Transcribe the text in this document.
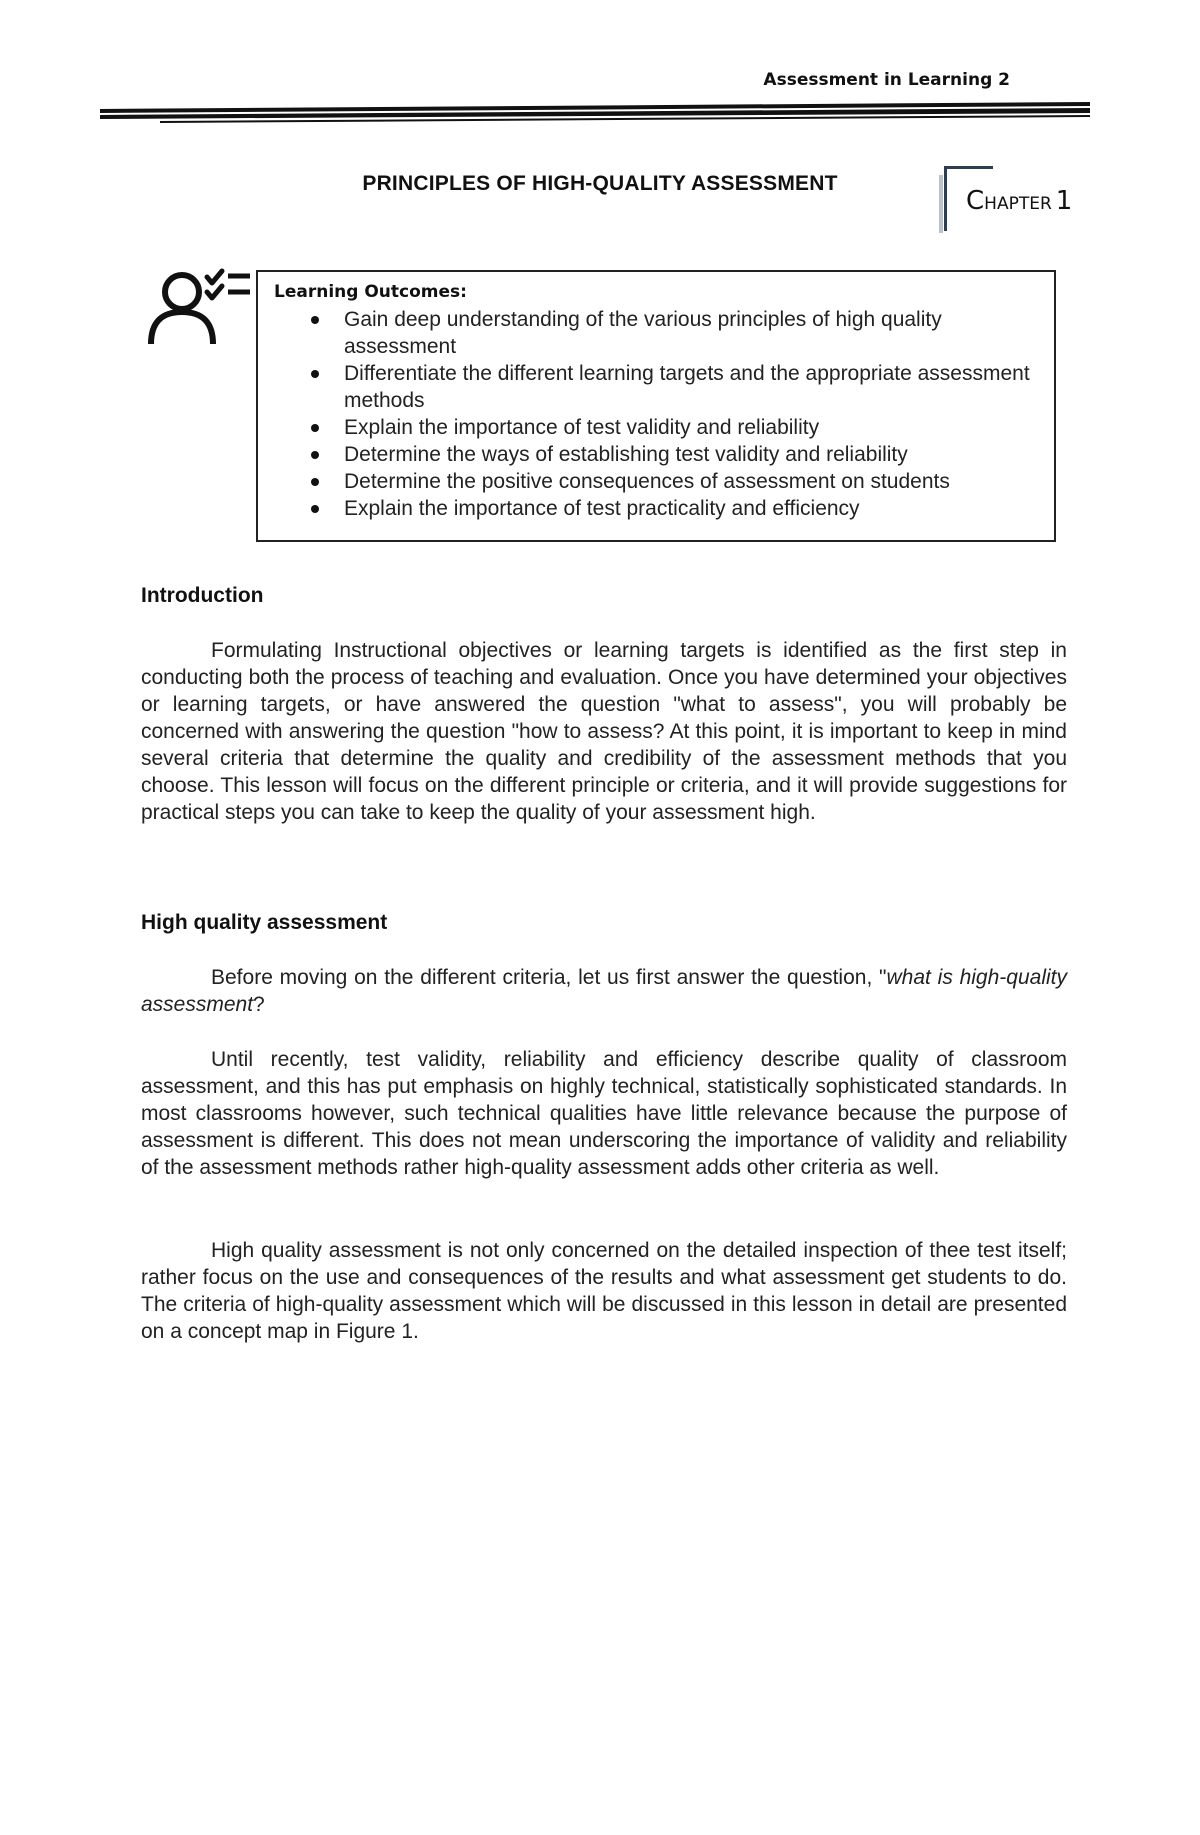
Assessment in Learning 2
PRINCIPLES OF HIGH-QUALITY ASSESSMENT
CHAPTER 1
Learning Outcomes:
Gain deep understanding of the various principles of high quality assessment
Differentiate the different learning targets and the appropriate assessment methods
Explain the importance of test validity and reliability
Determine the ways of establishing test validity and reliability
Determine the positive consequences of assessment on students
Explain the importance of test practicality and efficiency
Introduction

Formulating Instructional objectives or learning targets is identified as the first step in conducting both the process of teaching and evaluation. Once you have determined your objectives or learning targets, or have answered the question "what to assess", you will probably be concerned with answering the question "how to assess? At this point, it is important to keep in mind several criteria that determine the quality and credibility of the assessment methods that you choose. This lesson will focus on the different principle or criteria, and it will provide suggestions for practical steps you can take to keep the quality of your assessment high.

High quality assessment

Before moving on the different criteria, let us first answer the question, "what is high-quality assessment?

Until recently, test validity, reliability and efficiency describe quality of classroom assessment, and this has put emphasis on highly technical, statistically sophisticated standards. In most classrooms however, such technical qualities have little relevance because the purpose of assessment is different. This does not mean underscoring the importance of validity and reliability of the assessment methods rather high-quality assessment adds other criteria as well.

High quality assessment is not only concerned on the detailed inspection of thee test itself; rather focus on the use and consequences of the results and what assessment get students to do. The criteria of high-quality assessment which will be discussed in this lesson in detail are presented on a concept map in Figure 1.
